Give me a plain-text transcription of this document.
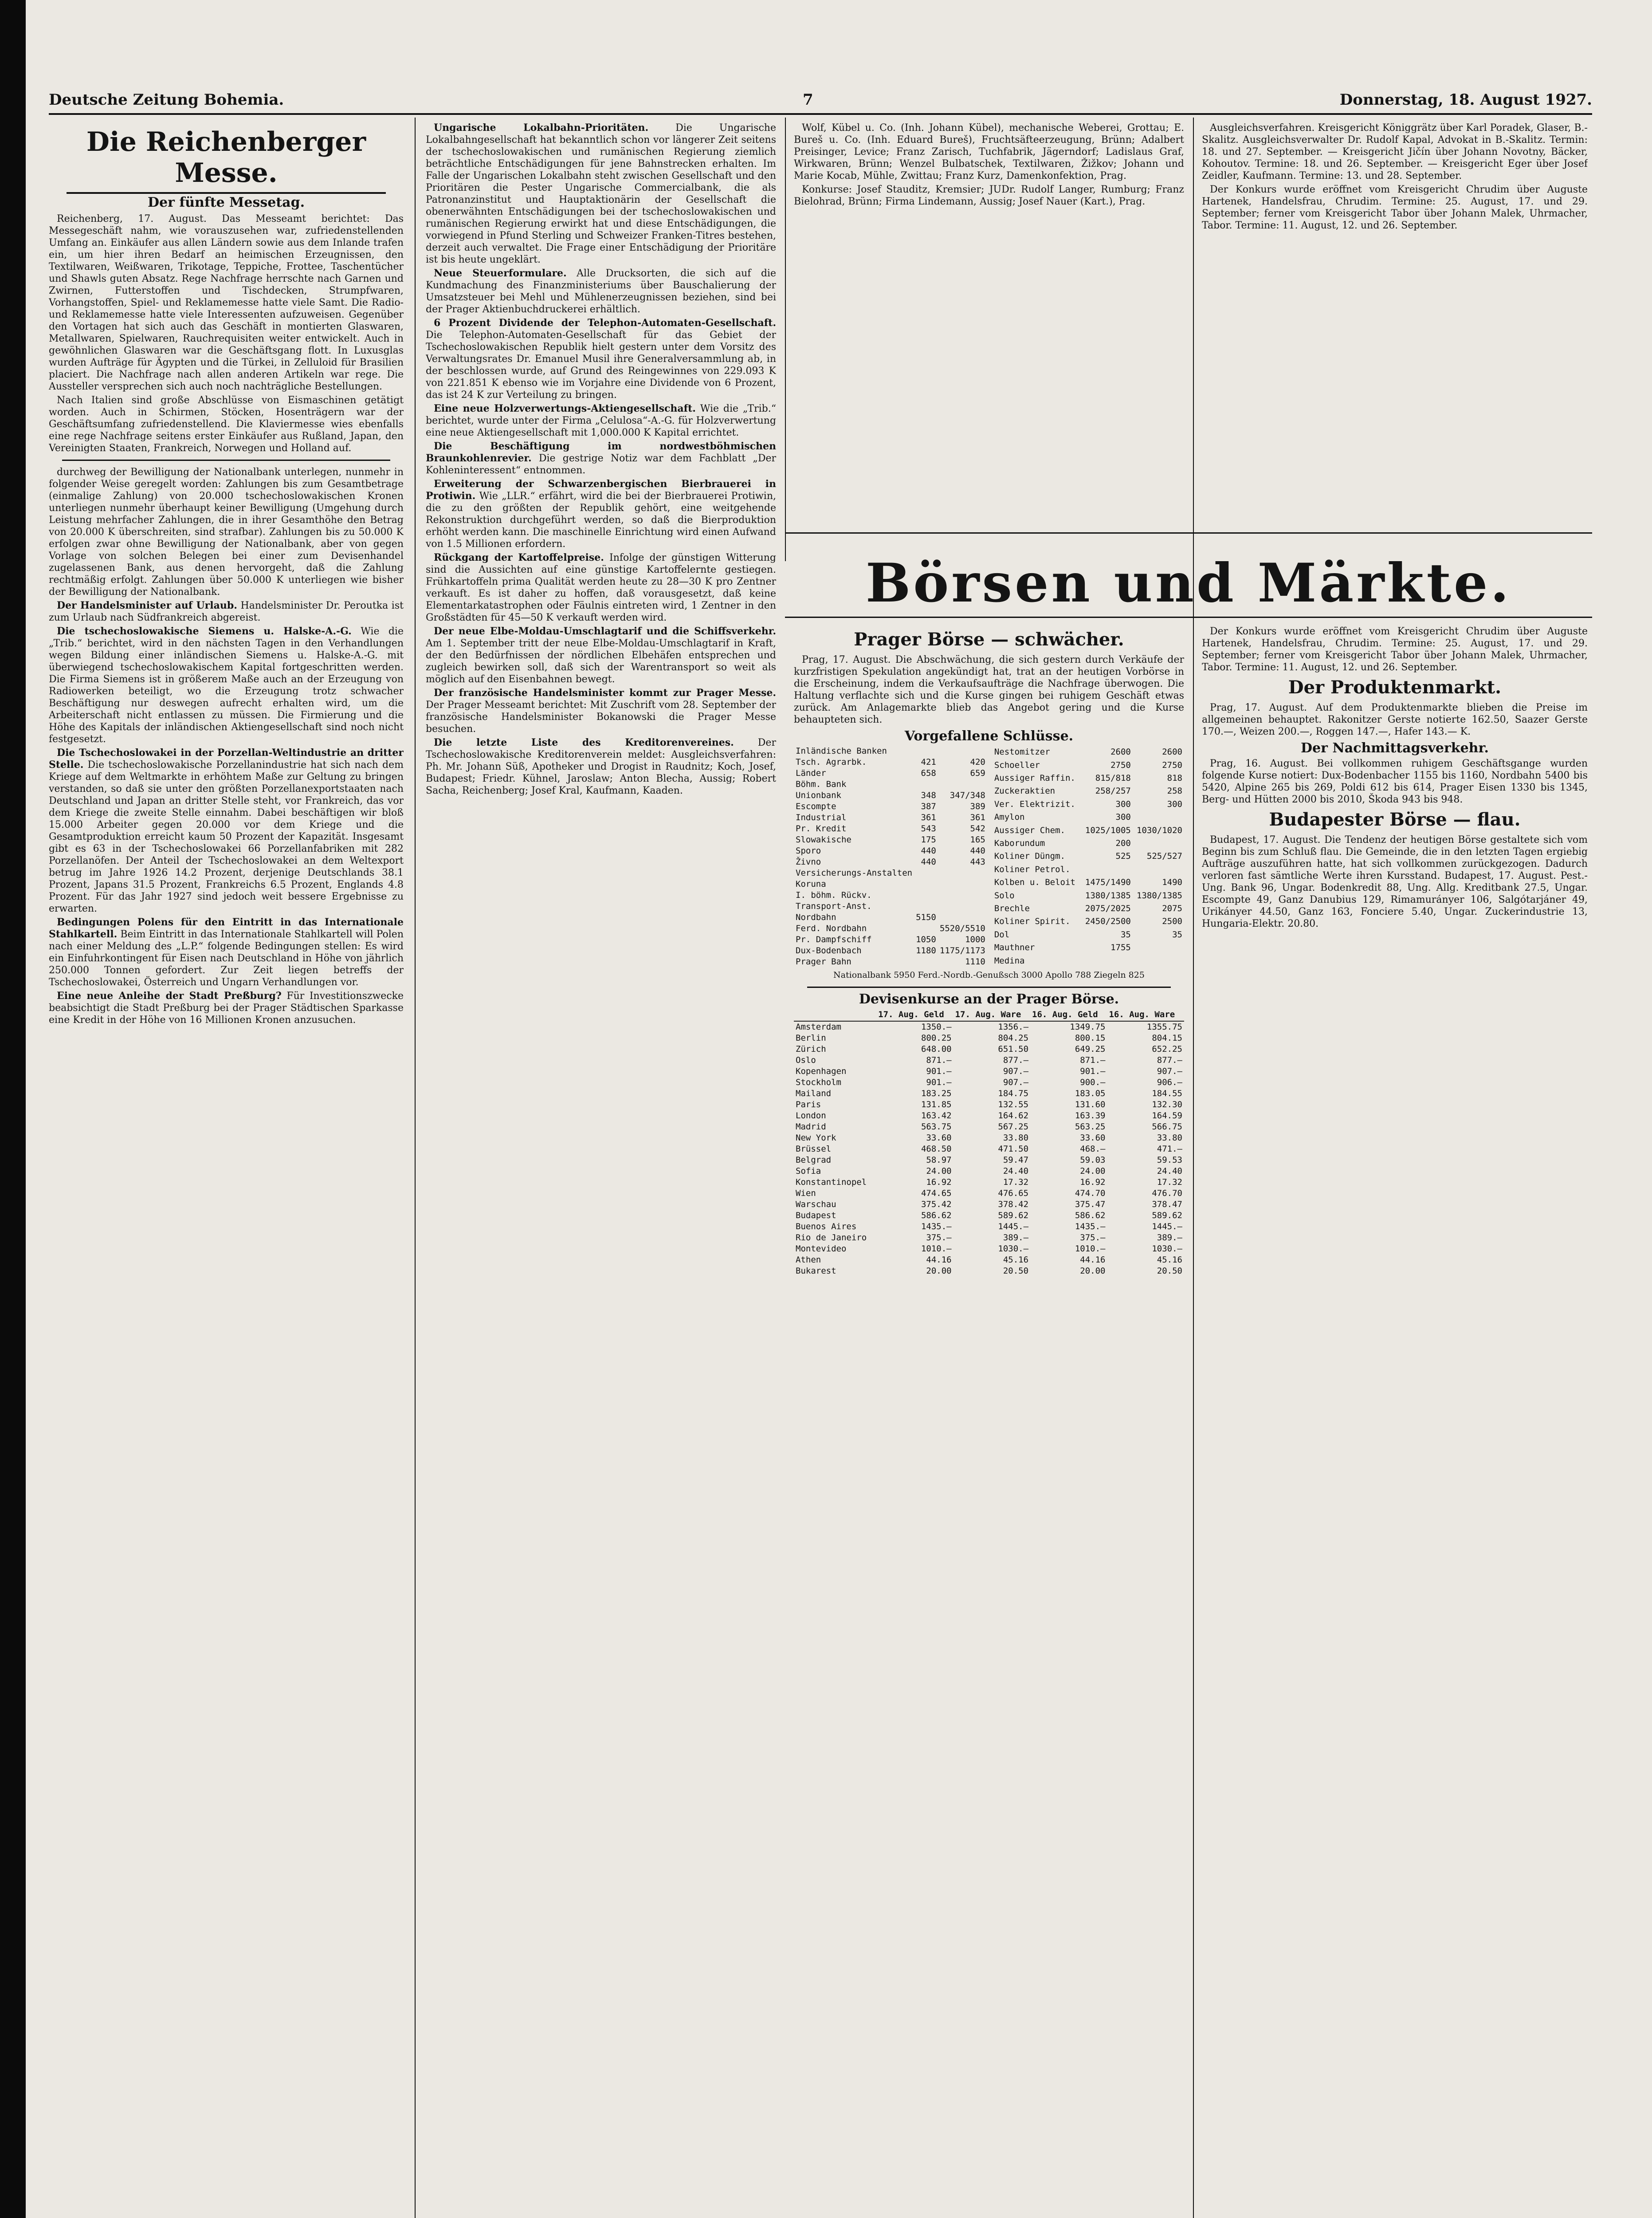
Deutsche Zeitung Bohemia.	7	Donnerstag, 18. August 1927.
Die Reichenberger Messe.
Der fünfte Messetag.

Reichenberg, 17. August. Das Messeamt berichtet: Das Messegeschäft nahm, wie vorauszusehen war, zufriedenstellenden Umfang an. Einkäufer aus allen Ländern sowie aus dem Inlande trafen ein, um hier ihren Bedarf an heimischen Erzeugnissen, den Textilwaren, Weißwaren, Trikotage, Teppiche, Frottee, Taschentücher und Shawls guten Absatz. Rege Nachfrage herrschte nach Garnen und Zwirnen, Futterstoffen und Tischdecken, Strumpfwaren, Vorhangstoffen, Spiel- und Reklamemesse hatte viele Samt. Die Radio- und Reklamemesse hatte viele Interessenten aufzuweisen. Gegenüber den Vortagen hat sich auch das Geschäft in montierten Glaswaren, Metallwaren, Spielwaren, Rauchrequisiten weiter entwickelt. Auch in gewöhnlichen Glaswaren war die Geschäftsgang flott. In Luxusglas wurden Aufträge für Ägypten und die Türkei, in Zelluloid für Brasilien placiert. Die Nachfrage nach allen anderen Artikeln war rege. Die Aussteller versprechen sich auch noch nachträgliche Bestellungen.

Nach Italien sind große Abschlüsse von Eismaschinen getätigt worden. Auch in Schirmen, Stöcken, Hosenträgern war der Geschäftsumfang zufriedenstellend. Die Klaviermesse wies ebenfalls eine rege Nachfrage seitens erster Einkäufer aus Rußland, Japan, den Vereinigten Staaten, Frankreich, Norwegen und Holland auf.

durchweg der Bewilligung der Nationalbank unterlegen, nunmehr in folgender Weise geregelt worden: Zahlungen bis zum Gesamtbetrage (einmalige Zahlung) von 20.000 tschechoslowakischen Kronen unterliegen nunmehr überhaupt keiner Bewilligung (Umgehung durch Leistung mehrfacher Zahlungen, die in ihrer Gesamthöhe den Betrag von 20.000 K überschreiten, sind strafbar). Zahlungen bis zu 50.000 K erfolgen zwar ohne Bewilligung der Nationalbank, aber von gegen Vorlage von solchen Belegen bei einer zum Devisenhandel zugelassenen Bank, aus denen hervorgeht, daß die Zahlung rechtmäßig erfolgt. Zahlungen über 50.000 K unterliegen wie bisher der Bewilligung der Nationalbank.

Der Handelsminister auf Urlaub. Handelsminister Dr. Peroutka ist zum Urlaub nach Südfrankreich abgereist.

Die tschechoslowakische Siemens u. Halske-A.-G. Wie die „Trib.“ berichtet, wird in den nächsten Tagen in den Verhandlungen wegen Bildung einer inländischen Siemens u. Halske-A.-G. mit überwiegend tschechoslowakischem Kapital fortgeschritten werden. Die Firma Siemens ist in größerem Maße auch an der Erzeugung von Radiowerken beteiligt, wo die Erzeugung trotz schwacher Beschäftigung nur deswegen aufrecht erhalten wird, um die Arbeiterschaft nicht entlassen zu müssen. Die Firmierung und die Höhe des Kapitals der inländischen Aktiengesellschaft sind noch nicht festgesetzt.

Die Tschechoslowakei in der Porzellan-Weltindustrie an dritter Stelle. Die tschechoslowakische Porzellanindustrie hat sich nach dem Kriege auf dem Weltmarkte in erhöhtem Maße zur Geltung zu bringen verstanden, so daß sie unter den größten Porzellanexportstaaten nach Deutschland und Japan an dritter Stelle steht, vor Frankreich, das vor dem Kriege die zweite Stelle einnahm. Dabei beschäftigen wir bloß 15.000 Arbeiter gegen 20.000 vor dem Kriege und die Gesamtproduktion erreicht kaum 50 Prozent der Kapazität. Insgesamt gibt es 63 in der Tschechoslowakei 66 Porzellanfabriken mit 282 Porzellanöfen. Der Anteil der Tschechoslowakei an dem Weltexport betrug im Jahre 1926 14.2 Prozent, derjenige Deutschlands 38.1 Prozent, Japans 31.5 Prozent, Frankreichs 6.5 Prozent, Englands 4.8 Prozent. Für das Jahr 1927 sind jedoch weit bessere Ergebnisse zu erwarten.

Bedingungen Polens für den Eintritt in das Internationale Stahlkartell. Beim Eintritt in das Internationale Stahlkartell will Polen nach einer Meldung des „L.P.“ folgende Bedingungen stellen: Es wird ein Einfuhrkontingent für Eisen nach Deutschland in Höhe von jährlich 250.000 Tonnen gefordert. Zur Zeit liegen betreffs der Tschechoslowakei, Österreich und Ungarn Verhandlungen vor.

Eine neue Anleihe der Stadt Preßburg? Für Investitionszwecke beabsichtigt die Stadt Preßburg bei der Prager Städtischen Sparkasse eine Kredit in der Höhe von 16 Millionen Kronen anzusuchen.

Ungarische Lokalbahn-Prioritäten.	Die Ungarische Lokalbahngesellschaft hat bekanntlich schon vor längerer Zeit seitens der tschechoslowakischen und rumänischen Regierung ziemlich beträchtliche Entschädigungen für jene Bahnstrecken erhalten. Im Falle der Ungarischen Lokalbahn steht zwischen Gesellschaft und den Prioritären die Pester Ungarische Commercialbank, die als Patronanzinstitut und Hauptaktionärin der Gesellschaft die obenerwähnten Entschädigungen bei der tschechoslowakischen und rumänischen Regierung erwirkt hat und diese Entschädigungen, die vorwiegend in Pfund Sterling und Schweizer Franken-Titres bestehen, derzeit auch verwaltet. Die Frage einer Entschädigung der Prioritäre ist bis heute ungeklärt.

Neue Steuerformulare. Alle Drucksorten, die sich auf die Kundmachung des Finanzministeriums über Bauschalierung der Umsatzsteuer bei Mehl und Mühlenerzeugnissen beziehen, sind bei der Prager Aktienbuchdruckerei erhältlich.

6 Prozent Dividende der Telephon-Automaten-Gesellschaft. Die Telephon-Automaten-Gesellschaft für das Gebiet der Tschechoslowakischen Republik hielt gestern unter dem Vorsitz des Verwaltungsrates Dr. Emanuel Musil ihre Generalversammlung ab, in der beschlossen wurde, auf Grund des Reingewinnes von 229.093 K von 221.851 K ebenso wie im Vorjahre eine Dividende von 6 Prozent, das ist 24 K zur Verteilung zu bringen.

Eine neue Holzverwertungs-Aktiengesellschaft. Wie die „Trib.“ berichtet, wurde unter der Firma „Celulosa“-A.-G. für Holzverwertung eine neue Aktiengesellschaft mit 1,000.000 K Kapital errichtet.

Die Beschäftigung im nordwestböhmischen Braunkohlenrevier. Die gestrige Notiz war dem Fachblatt „Der Kohleninteressent“ entnommen.

Erweiterung der Schwarzenbergischen Bierbrauerei in Protiwin. Wie „LLR.“ erfährt, wird die bei der Bierbrauerei Protiwin, die zu den größten der Republik gehört, eine weitgehende Rekonstruktion durchgeführt werden, so daß die Bierproduktion erhöht werden kann. Die maschinelle Einrichtung wird einen Aufwand von 1.5 Millionen erfordern.

Rückgang der Kartoffelpreise. Infolge der günstigen Witterung sind die Aussichten auf eine günstige Kartoffelernte gestiegen. Frühkartoffeln prima Qualität werden heute zu 28—30 K pro Zentner verkauft. Es ist daher zu hoffen, daß vorausgesetzt, daß keine Elementarkatastrophen oder Fäulnis eintreten wird, 1 Zentner in den Großstädten für 45—50 K verkauft werden wird.

Der neue Elbe-Moldau-Umschlagtarif und die Schiffsverkehr. Am 1. September tritt der neue Elbe-Moldau-Umschlagtarif in Kraft, der den Bedürfnissen der nördlichen Elbehäfen entsprechen und zugleich bewirken soll, daß sich der Warentransport so weit als möglich auf den Eisenbahnen bewegt.

Der französische Handelsminister kommt zur Prager Messe. Der Prager Messeamt berichtet: Mit Zuschrift vom 28. September der französische Handelsminister Bokanowski die Prager Messe besuchen.

Die letzte Liste des Kreditorenvereines. Der Tschechoslowakische Kreditorenverein meldet: Ausgleichsverfahren: Ph. Mr. Johann Süß, Apotheker und Drogist in Raudnitz; Koch, Josef, Budapest; Friedr. Kühnel, Jaroslaw; Anton Blecha, Aussig; Robert Sacha, Reichenberg; Josef Kral, Kaufmann, Kaaden.

Wolf, Kübel u. Co. (Inh. Johann Kübel), mechanische Weberei, Grottau; E. Bureš u. Co. (Inh. Eduard Bureš), Fruchtsäfteerzeugung, Brünn; Adalbert Preisinger, Levice; Franz Zarisch, Tuchfabrik, Jägerndorf; Ladislaus Graf, Wirkwaren, Brünn; Wenzel Bulbatschek, Textilwaren, Žižkov; Johann und Marie Kocab, Mühle, Zwittau; Franz Kurz, Damenkonfektion, Prag.

Konkurse: Josef Stauditz, Kremsier; JUDr. Rudolf Langer, Rumburg; Franz Bielohrad, Brünn; Firma Lindemann, Aussig; Josef Nauer (Kart.), Prag.

Ausgleichsverfahren. Kreisgericht Königgrätz über Karl Poradek, Glaser, B.-Skalitz. Ausgleichsverwalter Dr. Rudolf Kapal, Advokat in B.-Skalitz. Termin: 18. und 27. September. — Kreisgericht Jičín über Johann Novotny, Bäcker, Kohoutov. Termine: 18. und 26. September. — Kreisgericht Eger über Josef Zeidler, Kaufmann. Termine: 13. und 28. September.

Der Konkurs wurde eröffnet vom Kreisgericht Chrudim über Auguste Hartenek, Handelsfrau, Chrudim. Termine: 25. August, 17. und 29. September; ferner vom Kreisgericht Tabor über Johann Malek, Uhrmacher, Tabor. Termine: 11. August, 12. und 26. September.

Börsen und Märkte.
Prager Börse — schwächer.

Prag, 17. August. Die Abschwächung, die sich gestern durch Verkäufe der kurzfristigen Spekulation angekündigt hat, trat an der heutigen Vorbörse in die Erscheinung, indem die Verkaufsaufträge die Nachfrage überwogen. Die Haltung verflachte sich und die Kurse gingen bei ruhigem Geschäft etwas zurück. Am Anlagemarkte blieb das Angebot gering und die Kurse behaupteten sich.

Vorgefallene Schlüsse.
Inländische Banken		
Tsch. Agrarbk.	421	420
Länder	658	659
Böhm. Bank		
Unionbank	348	347/348
Escompte	387	389
Industrial	361	361
Pr. Kredit	543	542
Slowakische	175	165
Sporo	440	440
Živno	440	443
Versicherungs-Anstalten		
Koruna		
I. böhm. Rückv.		
Transport-Anst.		
Nordbahn	5150	
Ferd. Nordbahn		5520/5510
Pr. Dampfschiff	1050	1000
Dux-Bodenbach	1180	1175/1173
Prager Bahn		1110
Nestomitzer	2600	2600
Schoeller	2750	2750
Aussiger Raffin.	815/818	818
Zuckeraktien	258/257	258
Ver. Elektrizit.	300	300
Amylon	300	
Aussiger Chem.	1025/1005	1030/1020
Kaborundum	200	
Koliner Düngm.	525	525/527
Koliner Petrol.		
Kolben u. Beloit	1475/1490	1490
Solo	1380/1385	1380/1385
Brechle	2075/2025	2075
Koliner Spirit.	2450/2500	2500
Dol	35	35
Mauthner	1755	
Medina		
Nationalbank 5950 Ferd.-Nordb.-Genußsch 3000 Apollo 788 Ziegeln 825
Devisenkurse an der Prager Börse.
	17. Aug. Geld	17. Aug. Ware	16. Aug. Geld	16. Aug. Ware
Amsterdam	1350.—	1356.—	1349.75	1355.75
Berlin	800.25	804.25	800.15	804.15
Zürich	648.00	651.50	649.25	652.25
Oslo	871.—	877.—	871.—	877.—
Kopenhagen	901.—	907.—	901.—	907.—
Stockholm	901.—	907.—	900.—	906.—
Mailand	183.25	184.75	183.05	184.55
Paris	131.85	132.55	131.60	132.30
London	163.42	164.62	163.39	164.59
Madrid	563.75	567.25	563.25	566.75
New York	33.60	33.80	33.60	33.80
Brüssel	468.50	471.50	468.—	471.—
Belgrad	58.97	59.47	59.03	59.53
Sofia	24.00	24.40	24.00	24.40
Konstantinopel	16.92	17.32	16.92	17.32
Wien	474.65	476.65	474.70	476.70
Warschau	375.42	378.42	375.47	378.47
Budapest	586.62	589.62	586.62	589.62
Buenos Aires	1435.—	1445.—	1435.—	1445.—
Rio de Janeiro	375.—	389.—	375.—	389.—
Montevideo	1010.—	1030.—	1010.—	1030.—
Athen	44.16	45.16	44.16	45.16
Bukarest	20.00	20.50	20.00	20.50

Der Konkurs wurde eröffnet vom Kreisgericht Chrudim über Auguste Hartenek, Handelsfrau, Chrudim. Termine: 25. August, 17. und 29. September; ferner vom Kreisgericht Tabor über Johann Malek, Uhrmacher, Tabor. Termine: 11. August, 12. und 26. September.

Der Produktenmarkt.

Prag, 17. August. Auf dem Produktenmarkte blieben die Preise im allgemeinen behauptet. Rakonitzer Gerste notierte 162.50, Saazer Gerste 170.—, Weizen 200.—, Roggen 147.—, Hafer 143.— K.

Der Nachmittagsverkehr.

Prag, 16. August. Bei vollkommen ruhigem Geschäftsgange wurden folgende Kurse notiert: Dux-Bodenbacher 1155 bis 1160, Nordbahn 5400 bis 5420, Alpine 265 bis 269, Poldi 612 bis 614, Prager Eisen 1330 bis 1345, Berg- und Hütten 2000 bis 2010, Škoda 943 bis 948.

Budapester Börse — flau.

Budapest, 17. August. Die Tendenz der heutigen Börse gestaltete sich vom Beginn bis zum Schluß flau. Die Gemeinde, die in den letzten Tagen ergiebig Aufträge auszuführen hatte, hat sich vollkommen zurückgezogen. Dadurch verloren fast sämtliche Werte ihren Kursstand. Budapest, 17. August. Pest.-Ung. Bank 96, Ungar. Bodenkredit 88, Ung. Allg. Kreditbank 27.5, Ungar. Escompte 49, Ganz Danubius 129, Rimamurányer 106, Salgótarjáner 49, Urikányer 44.50, Ganz 163, Fonciere 5.40, Ungar. Zuckerindustrie 13, Hungaria-Elektr. 20.80.
